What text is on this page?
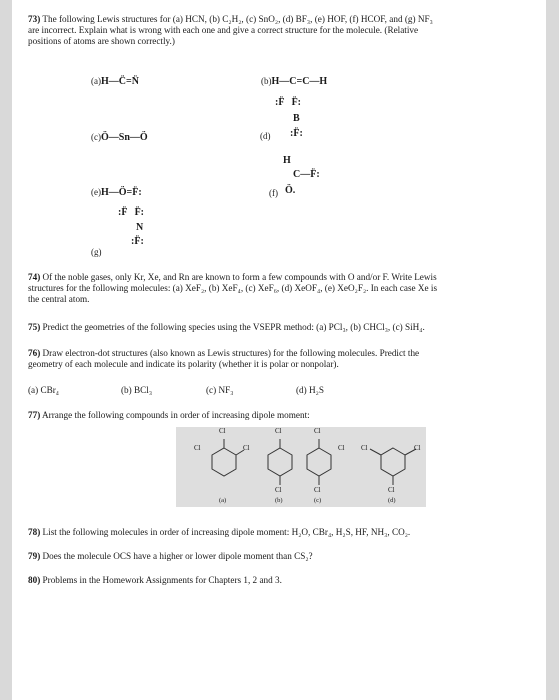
73) The following Lewis structures for (a) HCN, (b) C₂H₂, (c) SnO₂, (d) BF₃, (e) HOF, (f) HCOF, and (g) NF₃
are incorrect. Explain what is wrong with each one and give a correct structure for the molecule. (Relative
positions of atoms are shown correctly.)
(a)H—C̈=N̈	(b)H—C=C—H
(c)Ö—Sn—Ö	(d)
:F̈   F̈:
B
:F̈:
(e)H—Ö=F̈:	(f)
H
C—F̈:
Ö.
(g)
:F̈   F̈:
N
:F̈:
74) Of the noble gases, only Kr, Xe, and Rn are known to form a few compounds with O and/or F. Write Lewis
structures for the following molecules: (a) XeF₂, (b) XeF₄, (c) XeF₆, (d) XeOF₄, (e) XeO₂F₂. In each case Xe is
the central atom.
75) Predict the geometries of the following species using the VSEPR method: (a) PCl₃, (b) CHCl₃, (c) SiH₄.
76) Draw electron-dot structures (also known as Lewis structures) for the following molecules. Predict the
geometry of each molecule and indicate its polarity (whether it is polar or nonpolar).
(a) CBr₄	(b) BCl₃	(c) NF₃	(d) H₂S
77) Arrange the following compounds in order of increasing dipole moment:
Cl
Cl	Cl
Cl
Cl
Cl
Cl
Cl Cl	Cl
Cl
(a)	(b)	(c)	(d)
78) List the following molecules in order of increasing dipole moment: H₂O, CBr₄, H₂S, HF, NH₃, CO₂.
79) Does the molecule OCS have a higher or lower dipole moment than CS₂?
80) Problems in the Homework Assignments for Chapters 1, 2 and 3.
